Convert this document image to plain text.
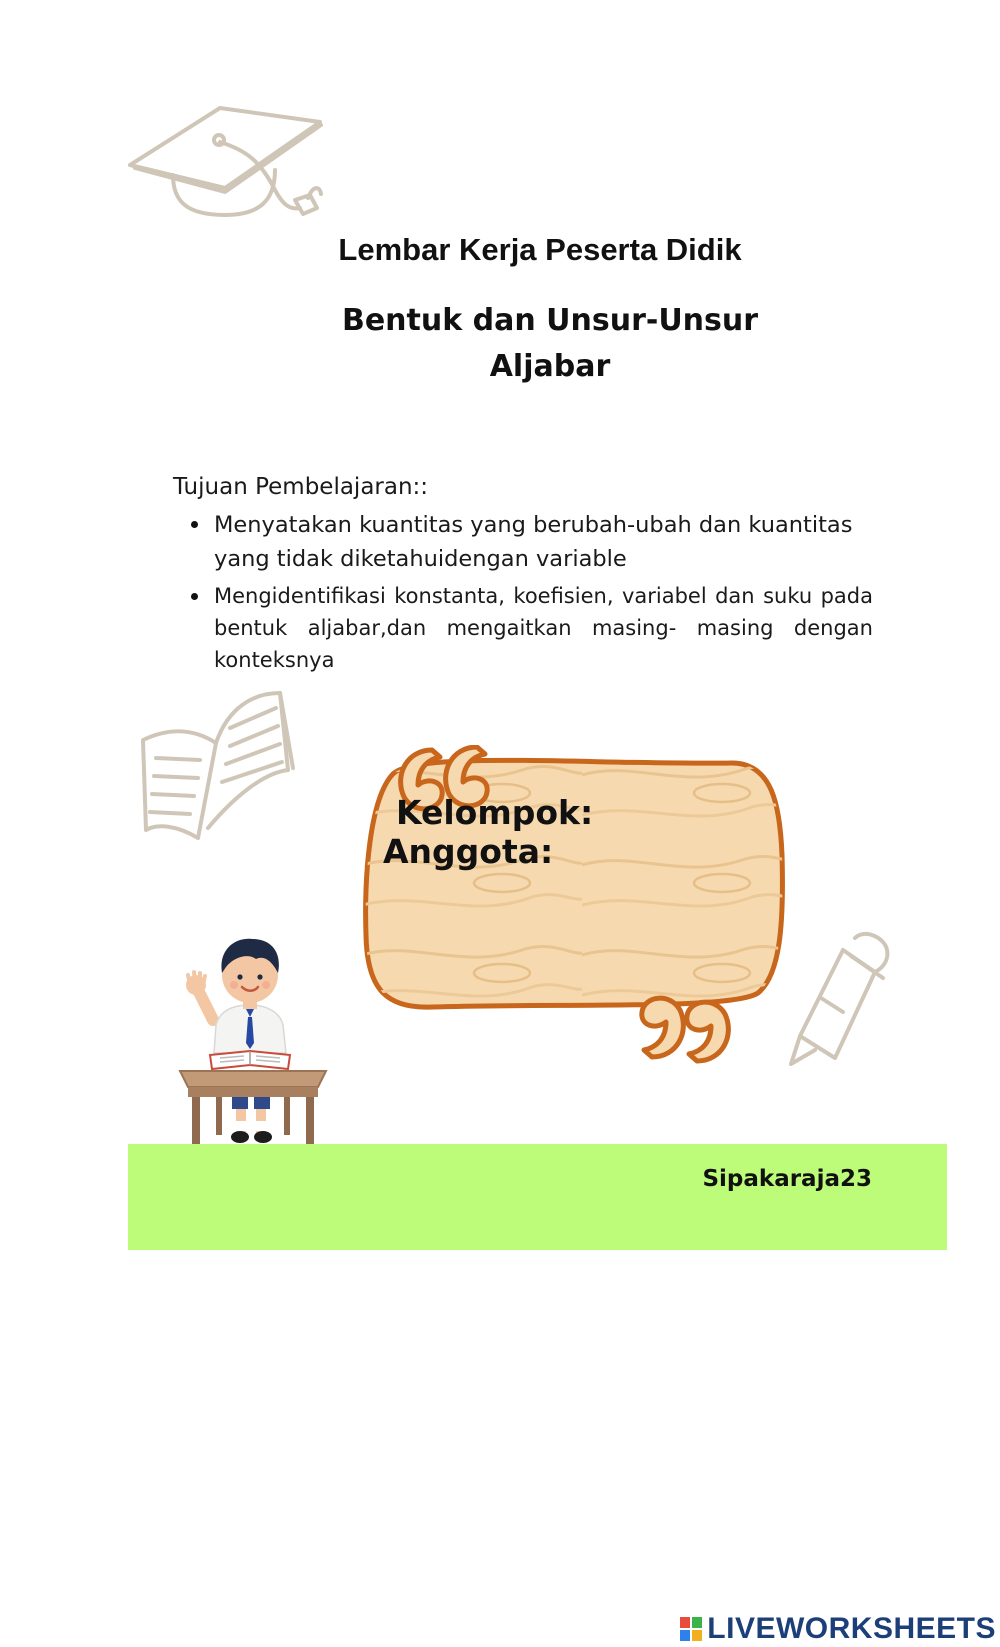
Lembar Kerja Peserta Didik
Bentuk dan Unsur-Unsur
Aljabar
Tujuan Pembelajaran::
Menyatakan kuantitas yang berubah-ubah dan kuantitas yang tidak diketahuidengan variable
Mengidentifikasi konstanta, koefisien, variabel dan suku pada bentuk aljabar,dan mengaitkan masing- masing dengan konteksnya
Kelompok:
Anggota:
Sipakaraja23
LIVEWORKSHEETS
